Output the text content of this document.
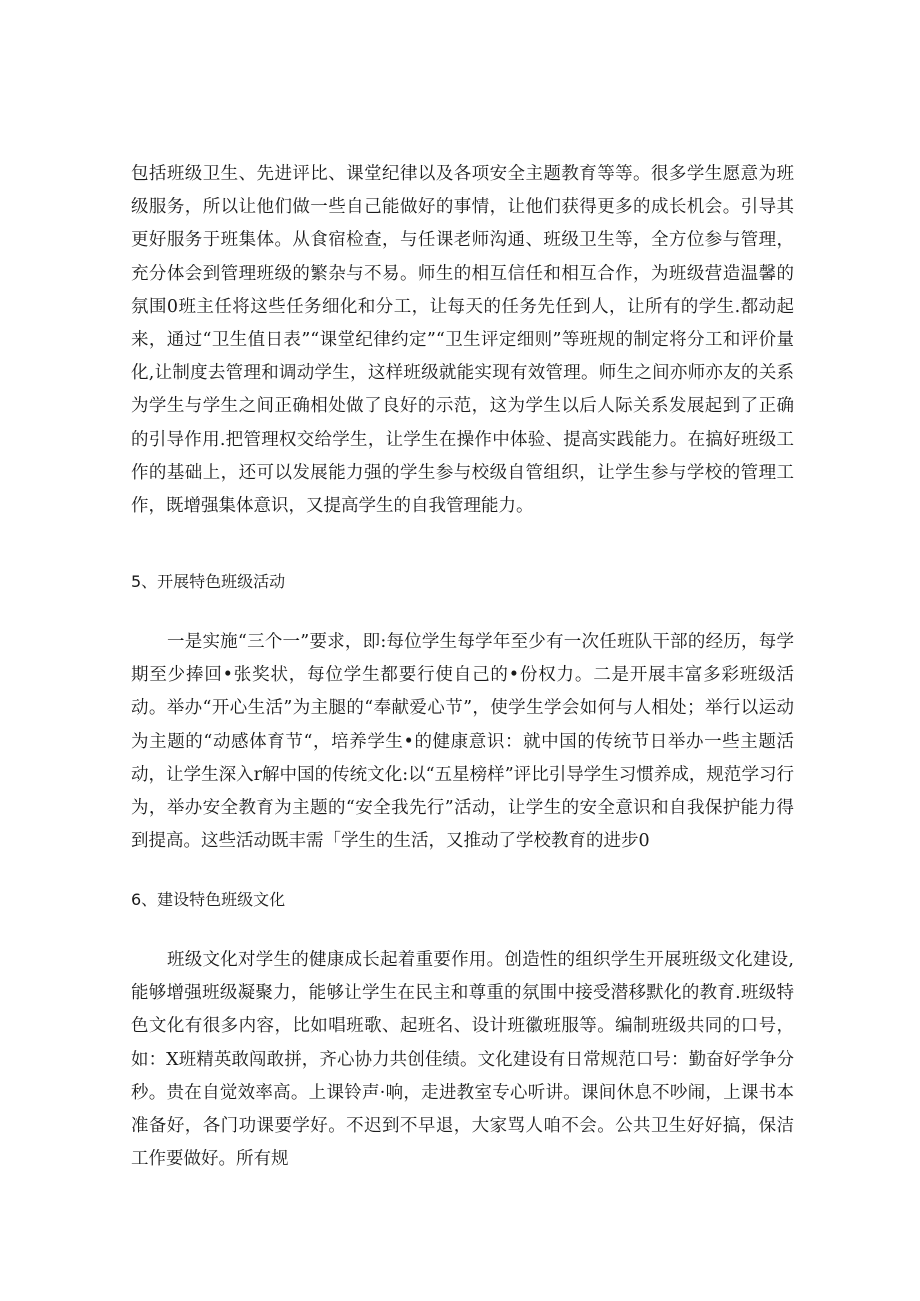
包括班级卫生、先进评比、课堂纪律以及各项安全主题教育等等。很多学生愿意为班级服务，所以让他们做一些自己能做好的事情，让他们获得更多的成长机会。引导其更好服务于班集体。从食宿检查，与任课老师沟通、班级卫生等，全方位参与管理，充分体会到管理班级的繁杂与不易。师生的相互信任和相互合作，为班级营造温馨的氛围0班主任将这些任务细化和分工，让每天的任务先任到人，让所有的学生.都动起来，通过“卫生值日表”“课堂纪律约定”“卫生评定细则”等班规的制定将分工和评价量化,让制度去管理和调动学生，这样班级就能实现有效管理。师生之间亦师亦友的关系为学生与学生之间正确相处做了良好的示范，这为学生以后人际关系发展起到了正确的引导作用.把管理权交给学生，让学生在操作中体验、提高实践能力。在搞好班级工作的基础上，还可以发展能力强的学生参与校级自管组织，让学生参与学校的管理工作，既增强集体意识，又提高学生的自我管理能力。

5、开展特色班级活动

一是实施“三个一”要求，即:每位学生每学年至少有一次任班队干部的经历，每学期至少捧回•张奖状，每位学生都要行使自己的•份权力。二是开展丰富多彩班级活动。举办“开心生活”为主腿的“奉献爱心节”，使学生学会如何与人相处；举行以运动为主题的“动感体育节“，培养学生•的健康意识：就中国的传统节日举办一些主题活动，让学生深入r解中国的传统文化:以“五星榜样”评比引导学生习惯养成，规范学习行为，举办安全教育为主题的“安全我先行”活动，让学生的安全意识和自我保护能力得到提高。这些活动既丰需「学生的生活，又推动了学校教育的进步0

6、建设特色班级文化

班级文化对学生的健康成长起着重要作用。创造性的组织学生开展班级文化建设,能够增强班级凝聚力，能够让学生在民主和尊重的氛围中接受潜移默化的教育.班级特色文化有很多内容，比如唱班歌、起班名、设计班徽班服等。编制班级共同的口号，如：X班精英敢闯敢拼，齐心协力共创佳绩。文化建设有日常规范口号：勤奋好学争分秒。贵在自觉效率高。上课铃声·响，走进教室专心听讲。课间休息不吵闹，上课书本准备好，各门功课要学好。不迟到不早退，大家骂人咱不会。公共卫生好好搞，保洁工作要做好。所有规
